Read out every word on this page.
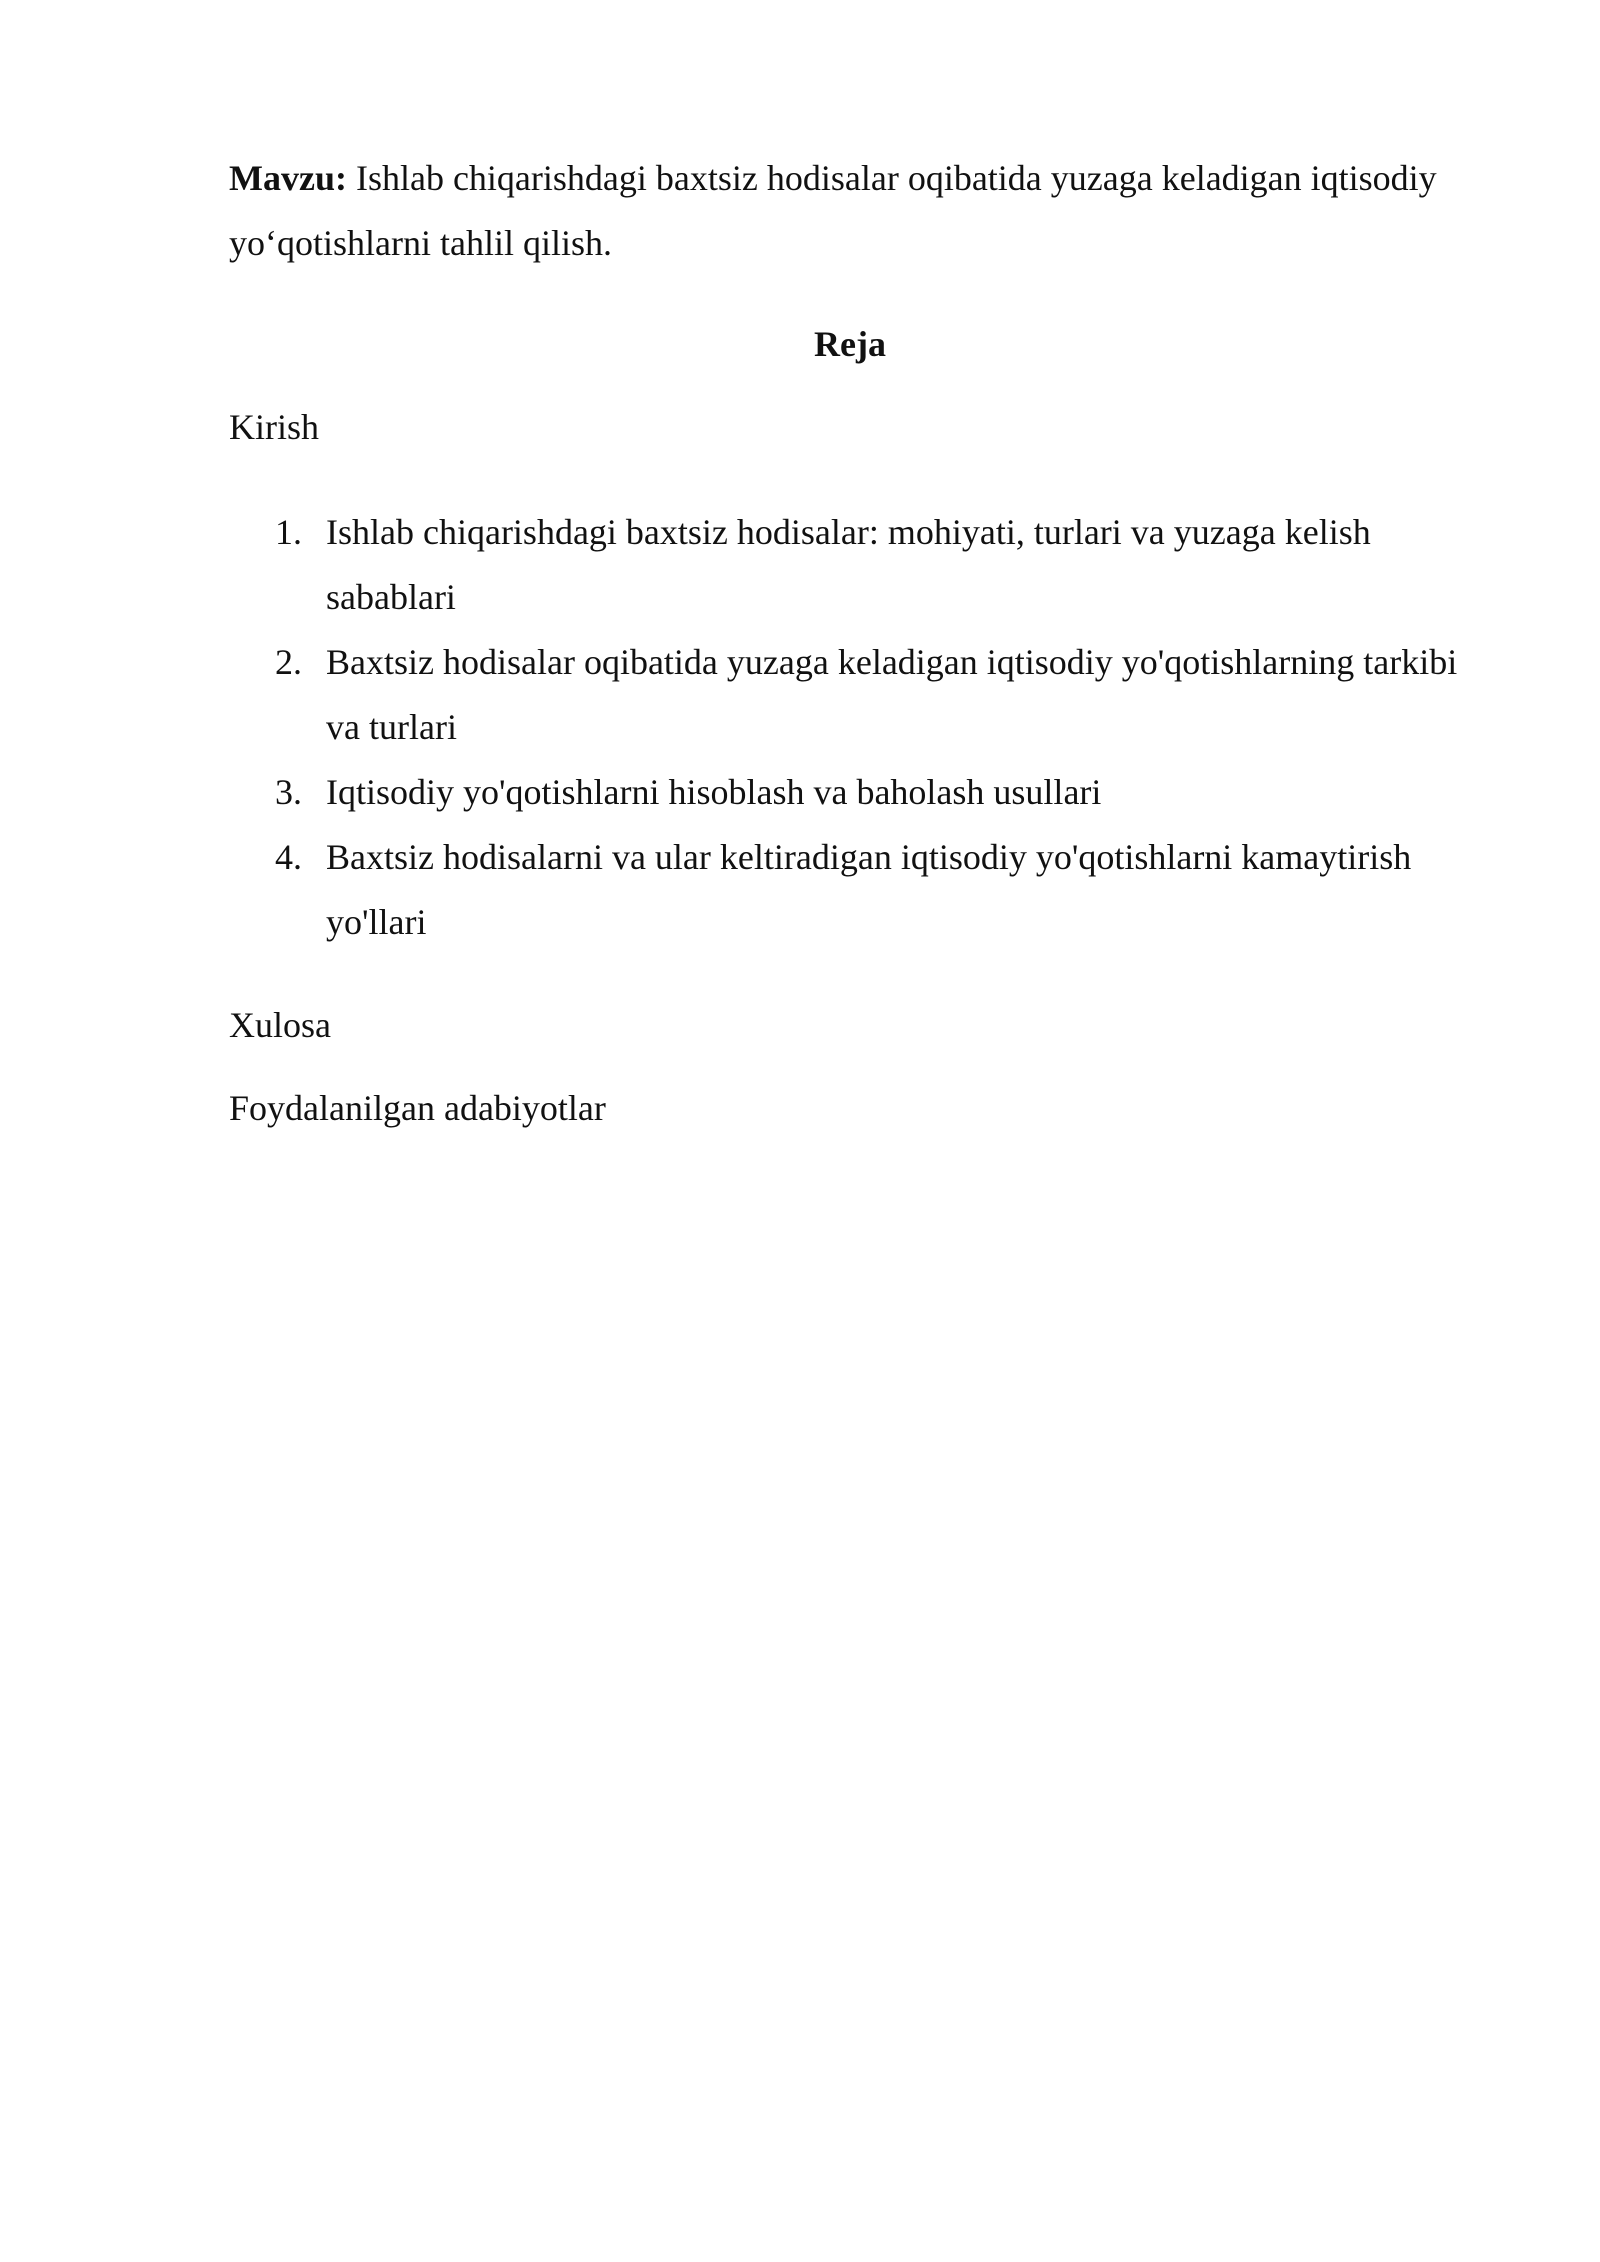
Mavzu: Ishlab chiqarishdagi baxtsiz hodisalar oqibatida yuzaga keladigan iqtisodiy yo‘qotishlarni tahlil qilish.

Reja

Kirish

1. Ishlab chiqarishdagi baxtsiz hodisalar: mohiyati, turlari va yuzaga kelish sabablari
2. Baxtsiz hodisalar oqibatida yuzaga keladigan iqtisodiy yo'qotishlarning tarkibi va turlari
3. Iqtisodiy yo'qotishlarni hisoblash va baholash usullari
4. Baxtsiz hodisalarni va ular keltiradigan iqtisodiy yo'qotishlarni kamaytirish yo'llari

Xulosa

Foydalanilgan adabiyotlar
